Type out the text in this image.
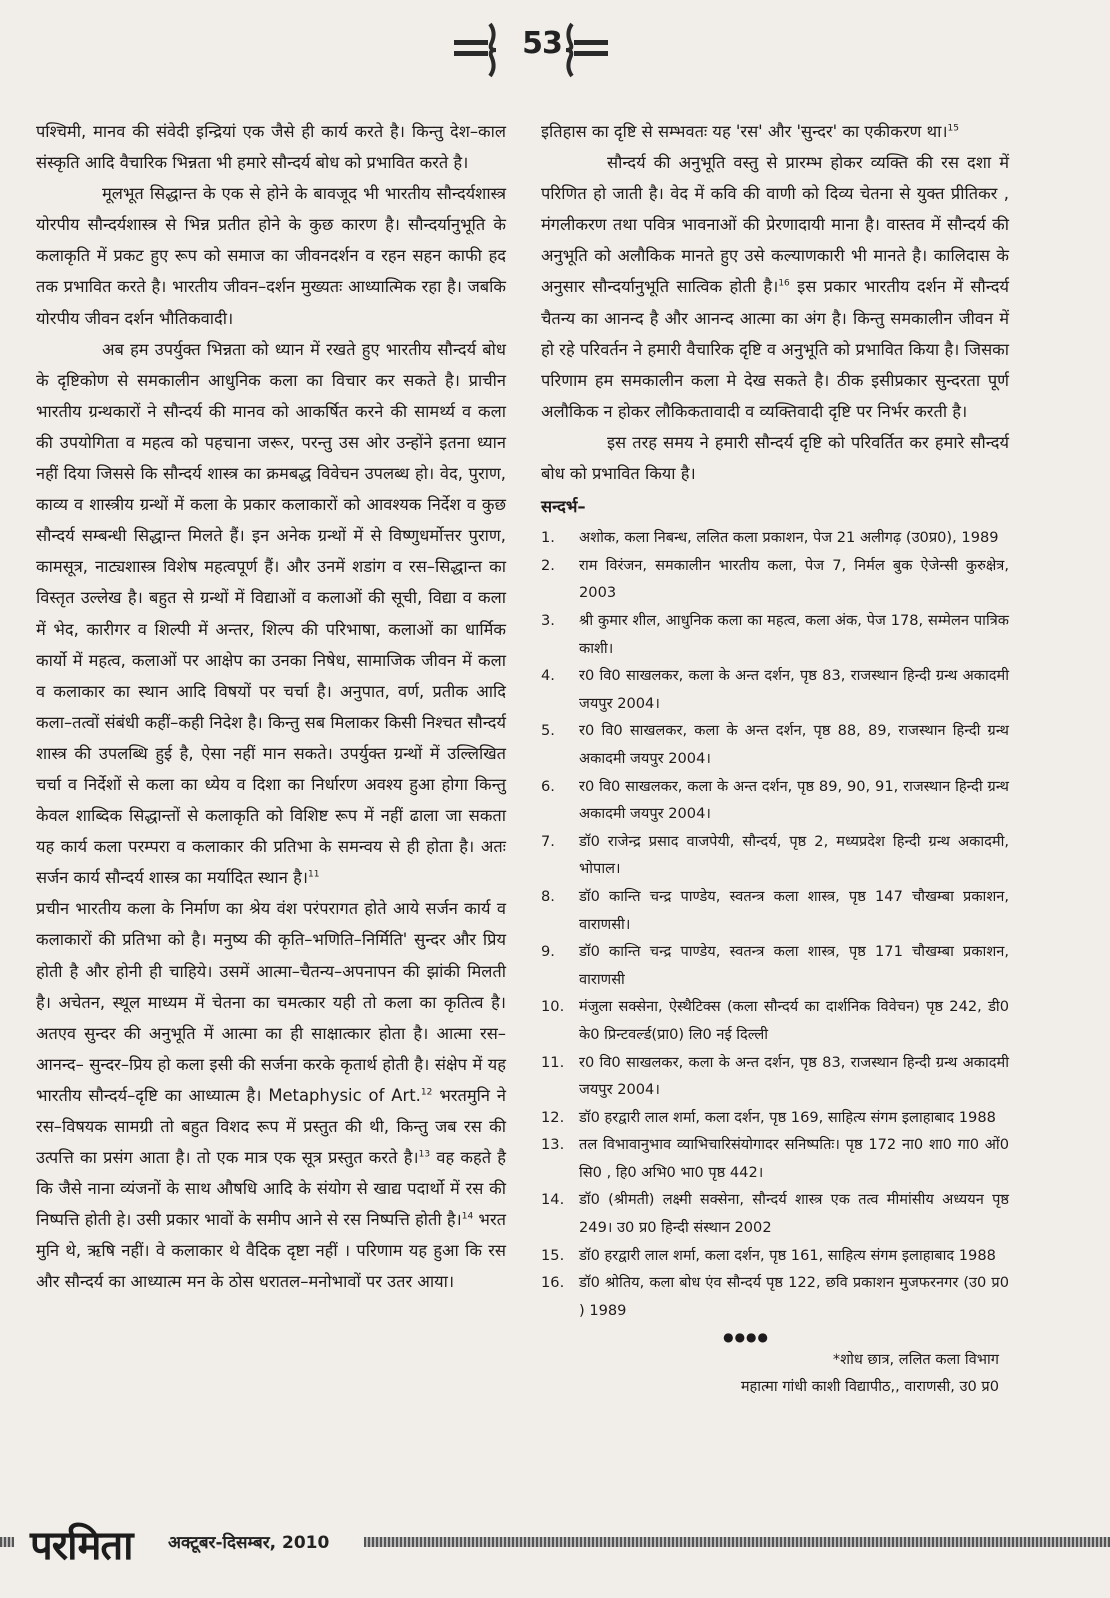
53

पश्चिमी, मानव की संवेदी इन्द्रियां एक जैसे ही कार्य करते है। किन्तु देश–काल संस्कृति आदि वैचारिक भिन्नता भी हमारे सौन्दर्य बोध को प्रभावित करते है।

मूलभूत सिद्धान्त के एक से होने के बावजूद भी भारतीय सौन्दर्यशास्त्र योरपीय सौन्दर्यशास्त्र से भिन्न प्रतीत होने के कुछ कारण है। सौन्दर्यानुभूति के कलाकृति में प्रकट हुए रूप को समाज का जीवनदर्शन व रहन सहन काफी हद तक प्रभावित करते है। भारतीय जीवन–दर्शन मुख्यतः आध्यात्मिक रहा है। जबकि योरपीय जीवन दर्शन भौतिकवादी।

अब हम उपर्युक्त भिन्नता को ध्यान में रखते हुए भारतीय सौन्दर्य बोध के दृष्टिकोण से समकालीन आधुनिक कला का विचार कर सकते है। प्राचीन भारतीय ग्रन्थकारों ने सौन्दर्य की मानव को आकर्षित करने की सामर्थ्य व कला की उपयोगिता व महत्व को पहचाना जरूर, परन्तु उस ओर उन्होंने इतना ध्यान नहीं दिया जिससे कि सौन्दर्य शास्त्र का क्रमबद्ध विवेचन उपलब्ध हो। वेद, पुराण, काव्य व शास्त्रीय ग्रन्थों में कला के प्रकार कलाकारों को आवश्यक निर्देश व कुछ सौन्दर्य सम्बन्धी सिद्धान्त मिलते हैं। इन अनेक ग्रन्थों में से विष्णुधर्मोत्तर पुराण, कामसूत्र, नाट्यशास्त्र विशेष महत्वपूर्ण हैं। और उनमें शडांग व रस–सिद्धान्त का विस्तृत उल्लेख है। बहुत से ग्रन्थों में विद्याओं व कलाओं की सूची, विद्या व कला में भेद, कारीगर व शिल्पी में अन्तर, शिल्प की परिभाषा, कलाओं का धार्मिक कार्यो में महत्व, कलाओं पर आक्षेप का उनका निषेध, सामाजिक जीवन में कला व कलाकार का स्थान आदि विषयों पर चर्चा है। अनुपात, वर्ण, प्रतीक आदि कला–तत्वों संबंधी कहीं–कही निदेश है। किन्तु सब मिलाकर किसी निश्चत सौन्दर्य शास्त्र की उपलब्धि हुई है, ऐसा नहीं मान सकते। उपर्युक्त ग्रन्थों में उल्लिखित चर्चा व निर्देशों से कला का ध्येय व दिशा का निर्धारण अवश्य हुआ होगा किन्तु केवल शाब्दिक सिद्धान्तों से कलाकृति को विशिष्ट रूप में नहीं ढाला जा सकता यह कार्य कला परम्परा व कलाकार की प्रतिभा के समन्वय से ही होता है। अतः सर्जन कार्य सौन्दर्य शास्त्र का मर्यादित स्थान है।$^{11}$

प्रचीन भारतीय कला के निर्माण का श्रेय वंश परंपरागत होते आये सर्जन कार्य व कलाकारों की प्रतिभा को है। मनुष्य की कृति–भणिति–निर्मिति' सुन्दर और प्रिय होती है और होनी ही चाहिये। उसमें आत्मा–चैतन्य–अपनापन की झांकी मिलती है। अचेतन, स्थूल माध्यम में चेतना का चमत्कार यही तो कला का कृतित्व है। अतएव सुन्दर की अनुभूति में आत्मा का ही साक्षात्कार होता है। आत्मा रस–आनन्द– सुन्दर–प्रिय हो कला इसी की सर्जना करके कृतार्थ होती है। संक्षेप में यह भारतीय सौन्दर्य–दृष्टि का आध्यात्म है। Metaphysic of Art.$^{12}$ भरतमुनि ने रस–विषयक सामग्री तो बहुत विशद रूप में प्रस्तुत की थी, किन्तु जब रस की उत्पत्ति का प्रसंग आता है। तो एक मात्र एक सूत्र प्रस्तुत करते है।$^{13}$ वह कहते है कि जैसे नाना व्यंजनों के साथ औषधि आदि के संयोग से खाद्य पदार्थो में रस की निष्पत्ति होती हे। उसी प्रकार भावों के समीप आने से रस निष्पत्ति होती है।$^{14}$ भरत मुनि थे, ऋषि नहीं। वे कलाकार थे वैदिक दृष्टा नहीं । परिणाम यह हुआ कि रस और सौन्दर्य का आध्यात्म मन के ठोस धरातल–मनोभावों पर उतर आया।

इतिहास का दृष्टि से सम्भवतः यह 'रस' और 'सुन्दर' का एकीकरण था।$^{15}$

सौन्दर्य की अनुभूति वस्तु से प्रारम्भ होकर व्यक्ति की रस दशा में परिणित हो जाती है। वेद में कवि की वाणी को दिव्य चेतना से युक्त प्रीतिकर , मंगलीकरण तथा पवित्र भावनाओं की प्रेरणादायी माना है। वास्तव में सौन्दर्य की अनुभूति को अलौकिक मानते हुए उसे कल्याणकारी भी मानते है। कालिदास के अनुसार सौन्दर्यानुभूति सात्विक होती है।$^{16}$ इस प्रकार भारतीय दर्शन में सौन्दर्य चैतन्य का आनन्द है और आनन्द आत्मा का अंग है। किन्तु समकालीन जीवन में हो रहे परिवर्तन ने हमारी वैचारिक दृष्टि व अनुभूति को प्रभावित किया है। जिसका परिणाम हम समकालीन कला मे देख सकते है। ठीक इसीप्रकार सुन्दरता पूर्ण अलौकिक न होकर लौकिकतावादी व व्यक्तिवादी दृष्टि पर निर्भर करती है।

इस तरह समय ने हमारी सौन्दर्य दृष्टि को परिवर्तित कर हमारे सौन्दर्य बोध को प्रभावित किया है।

सन्दर्भ–
1. अशोक, कला निबन्ध, ललित कला प्रकाशन, पेज 21 अलीगढ़ (उ0प्र0), 1989
2. राम विरंजन, समकालीन भारतीय कला, पेज 7, निर्मल बुक ऐजेन्सी कुरुक्षेत्र, 2003
3. श्री कुमार शील, आधुनिक कला का महत्व, कला अंक, पेज 178, सम्मेलन पात्रिक काशी।
4. र0 वि0 साखलकर, कला के अन्त दर्शन, पृष्ठ 83, राजस्थान हिन्दी ग्रन्थ अकादमी जयपुर 2004।
5. र0 वि0 साखलकर, कला के अन्त दर्शन, पृष्ठ 88, 89, राजस्थान हिन्दी ग्रन्थ अकादमी जयपुर 2004।
6. र0 वि0 साखलकर, कला के अन्त दर्शन, पृष्ठ 89, 90, 91, राजस्थान हिन्दी ग्रन्थ अकादमी जयपुर 2004।
7. डॉ0 राजेन्द्र प्रसाद वाजपेयी, सौन्दर्य, पृष्ठ 2, मध्यप्रदेश हिन्दी ग्रन्थ अकादमी, भोपाल।
8. डॉ0 कान्ति चन्द्र पाण्डेय, स्वतन्त्र कला शास्त्र, पृष्ठ 147 चौखम्बा प्रकाशन, वाराणसी।
9. डॉ0 कान्ति चन्द्र पाण्डेय, स्वतन्त्र कला शास्त्र, पृष्ठ 171 चौखम्बा प्रकाशन, वाराणसी
10. मंजुला सक्सेना, ऐस्थैटिक्स (कला सौन्दर्य का दार्शनिक विवेचन) पृष्ठ 242, डी0 के0 प्रिन्टवर्ल्ड(प्रा0) लि0 नई दिल्ली
11. र0 वि0 साखलकर, कला के अन्त दर्शन, पृष्ठ 83, राजस्थान हिन्दी ग्रन्थ अकादमी जयपुर 2004।
12. डॉ0 हरद्वारी लाल शर्मा, कला दर्शन, पृष्ठ 169, साहित्य संगम इलाहाबाद 1988
13. तल विभावानुभाव व्याभिचारिसंयोगादर सनिष्पतिः। पृष्ठ 172 ना0 शा0 गा0 ओं0 सि0 , हि0 अभि0 भा0 पृष्ठ 442।
14. डॉ0 (श्रीमती) लक्ष्मी सक्सेना, सौन्दर्य शास्त्र एक तत्व मीमांसीय अध्ययन पृष्ठ 249। उ0 प्र0 हिन्दी संस्थान 2002
15. डॉ0 हरद्वारी लाल शर्मा, कला दर्शन, पृष्ठ 161, साहित्य संगम इलाहाबाद 1988
16. डॉ0 श्रोतिय, कला बोध एंव सौन्दर्य पृष्ठ 122, छवि प्रकाशन मुजफरनगर (उ0 प्र0 ) 1989
●●●●
*शोध छात्र, ललित कला विभाग
महात्मा गांधी काशी विद्यापीठ,, वाराणसी, उ0 प्र0
परमिता अक्टूबर-दिसम्बर, 2010
